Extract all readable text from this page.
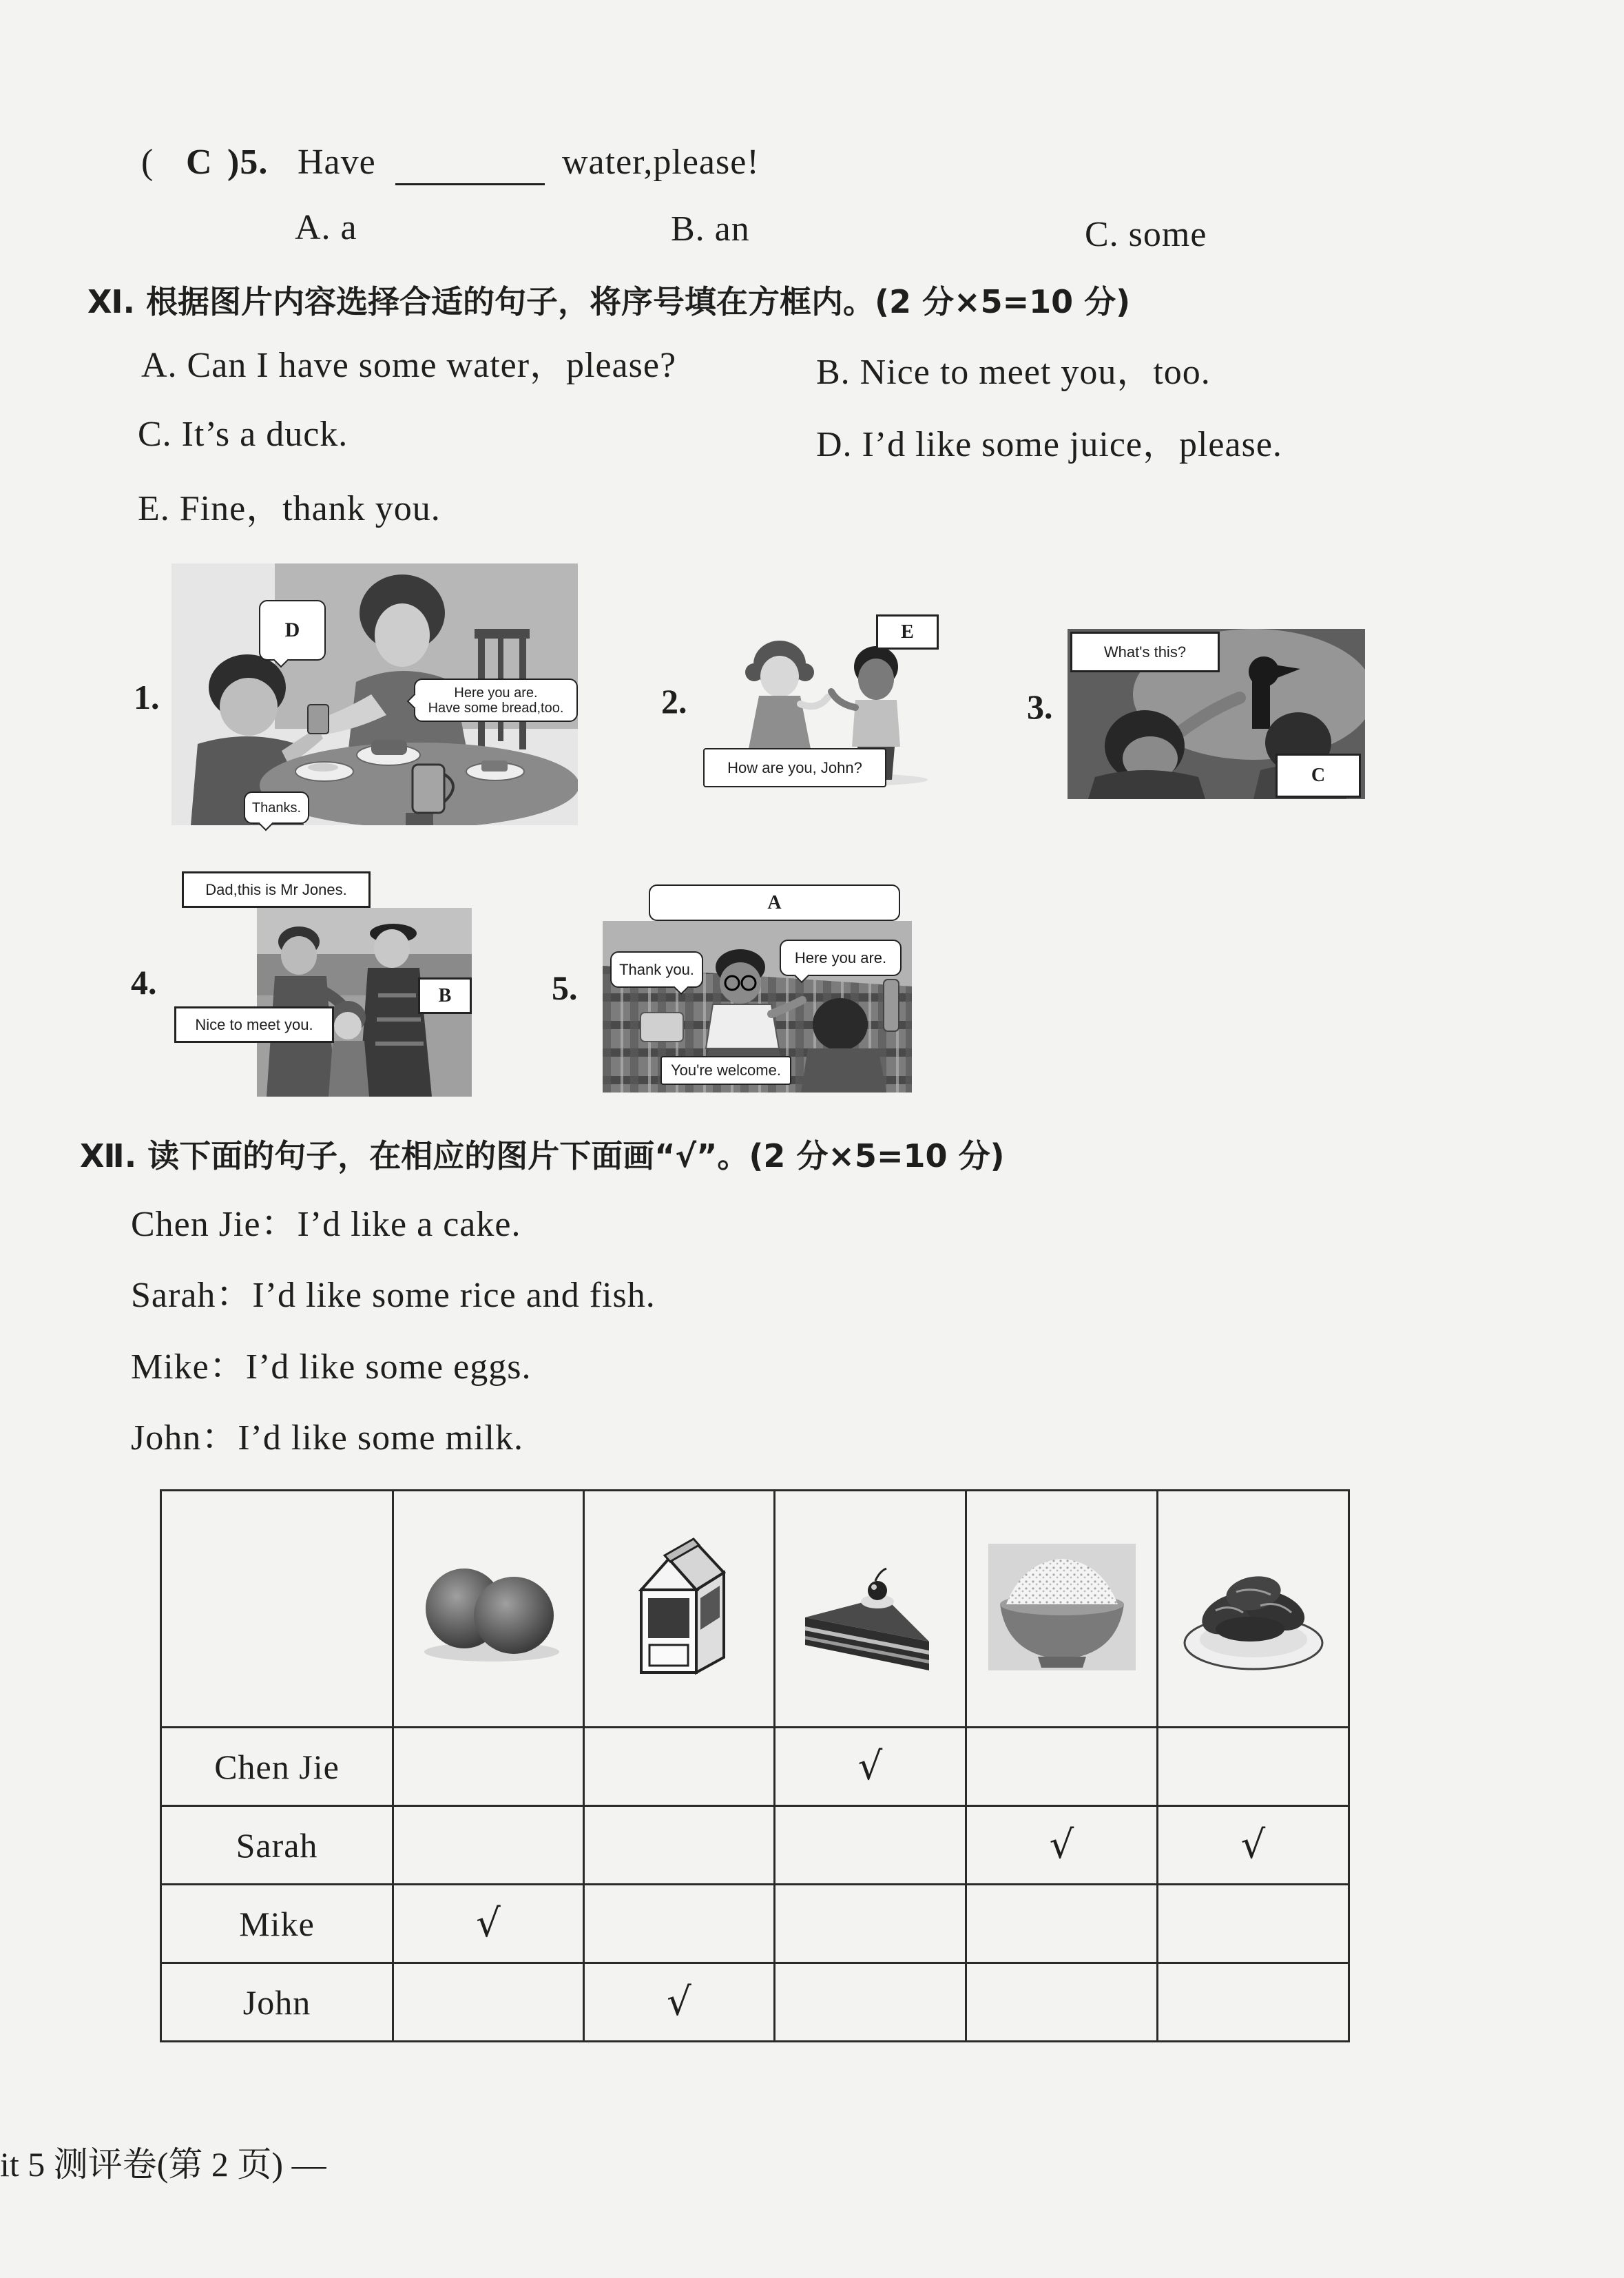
( C )5. Have	water,please!
A. a	B. an	C. some
Ⅺ. 根据图片内容选择合适的句子，将序号填在方框内。(2 分×5=10 分)
A. Can I have some water，please?	B. Nice to meet you，too.
C. It’s a duck.	D. I’d like some juice，please.
E. Fine，thank you.
1.
D
Here you are.
Have some bread,too.
Thanks.
2.
E
How are you, John?
3.
What's this?
C
4.
Dad,this is Mr Jones.
B
Nice to meet you.
5.
A
Thank you.
Here you are.
You're welcome.
Ⅻ. 读下面的句子，在相应的图片下面画“√”。(2 分×5=10 分)
Chen Jie：I’d like a cake.
Sarah：I’d like some rice and fish.
Mike：I’d like some eggs.
John：I’d like some milk.

Chen Jie			√		
Sarah				√	√
Mike	√				
John		√			
it 5 测评卷(第 2 页) —
